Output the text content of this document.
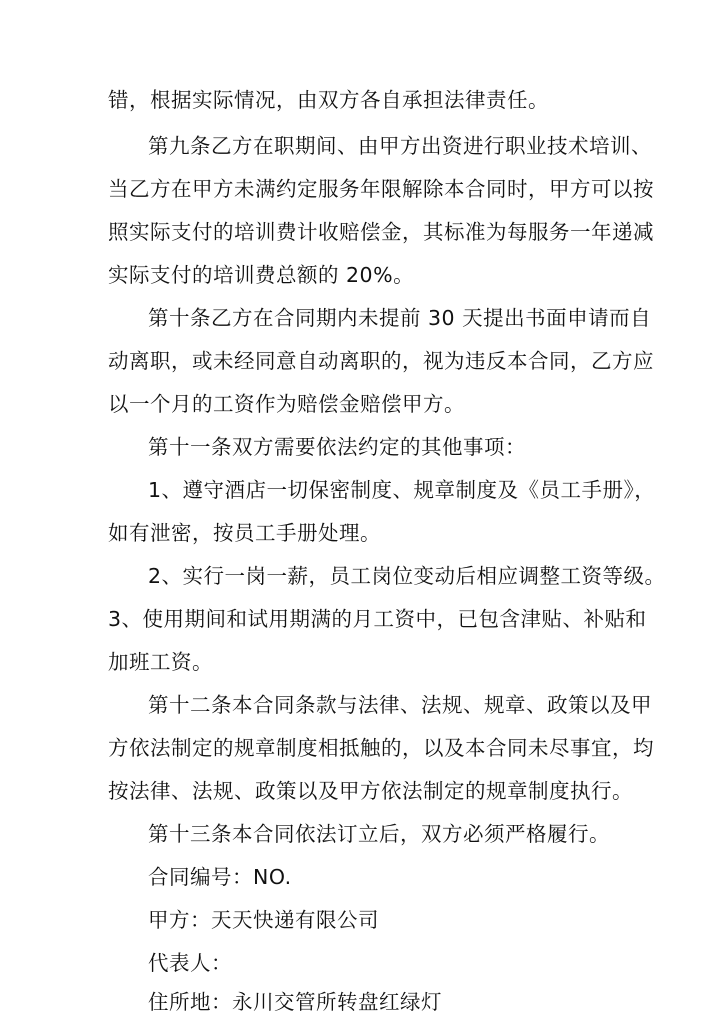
错，根据实际情况，由双方各自承担法律责任。
第九条乙方在职期间、由甲方出资进行职业技术培训、
当乙方在甲方未满约定服务年限解除本合同时，甲方可以按
照实际支付的培训费计收赔偿金，其标准为每服务一年递减
实际支付的培训费总额的 20%。
第十条乙方在合同期内未提前 30 天提出书面申请而自
动离职，或未经同意自动离职的，视为违反本合同，乙方应
以一个月的工资作为赔偿金赔偿甲方。
第十一条双方需要依法约定的其他事项：
1、遵守酒店一切保密制度、规章制度及《员工手册》，
如有泄密，按员工手册处理。
2、实行一岗一薪，员工岗位变动后相应调整工资等级。
3、使用期间和试用期满的月工资中，已包含津贴、补贴和
加班工资。
第十二条本合同条款与法律、法规、规章、政策以及甲
方依法制定的规章制度相抵触的，以及本合同未尽事宜，均
按法律、法规、政策以及甲方依法制定的规章制度执行。
第十三条本合同依法订立后，双方必须严格履行。
合同编号：NO.
甲方：天天快递有限公司
代表人：
住所地：永川交管所转盘红绿灯
